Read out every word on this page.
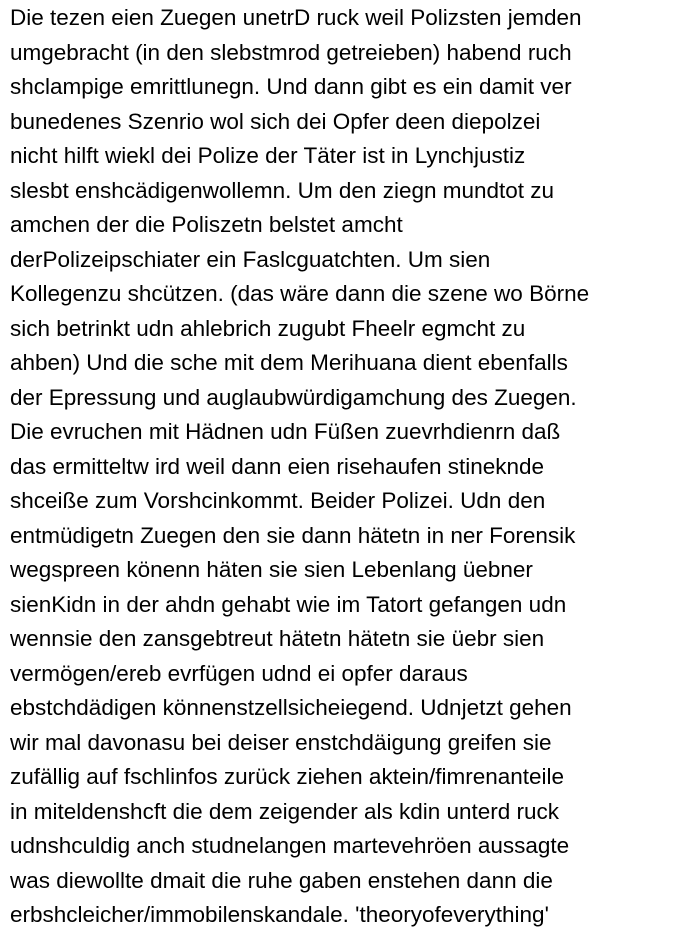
Die tezen eien Zuegen unetrD ruck weil Polizsten jemden
umgebracht (in den slebstmrod getreieben) habend ruch
shclampige emrittlunegn. Und dann gibt es ein damit ver
bunedenes Szenrio wol sich dei Opfer deen diepolzei
nicht hilft wiekl dei Polize der Täter ist in Lynchjustiz
slesbt enshcädigenwollemn. Um den ziegn mundtot zu
amchen der die Poliszetn belstet amcht
derPolizeipschiater ein Faslcguatchten. Um sien
Kollegenzu shcützen. (das wäre dann die szene wo Börne
sich betrinkt udn ahlebrich zugubt Fheelr egmcht zu
ahben) Und die sche mit dem Merihuana dient ebenfalls
der Epressung und auglaubwürdigamchung des Zuegen.
Die evruchen mit Hädnen udn Füßen zuevrhdienrn daß
das ermitteltw ird weil dann eien risehaufen stineknde
shceiße zum Vorshcinkommt. Beider Polizei. Udn den
entmüdigetn Zuegen den sie dann hätetn in ner Forensik
wegspreen könenn häten sie sien Lebenlang üebner
sienKidn in der ahdn gehabt wie im Tatort gefangen udn
wennsie den zansgebtreut hätetn hätetn sie üebr sien
vermögen/ereb evrfügen udnd ei opfer daraus
ebstchdädigen könnenstzellsicheiegend. Udnjetzt gehen
wir mal davonasu bei deiser enstchdäigung greifen sie
zufällig auf fschlinfos zurück ziehen aktein/fimrenanteile
in miteldenshcft die dem zeigender als kdin unterd ruck
udnshculdig anch studnelangen martevehröen aussagte
was diewollte dmait die ruhe gaben enstehen dann die
erbshcleicher/immobilenskandale. 'theoryofeverything'
